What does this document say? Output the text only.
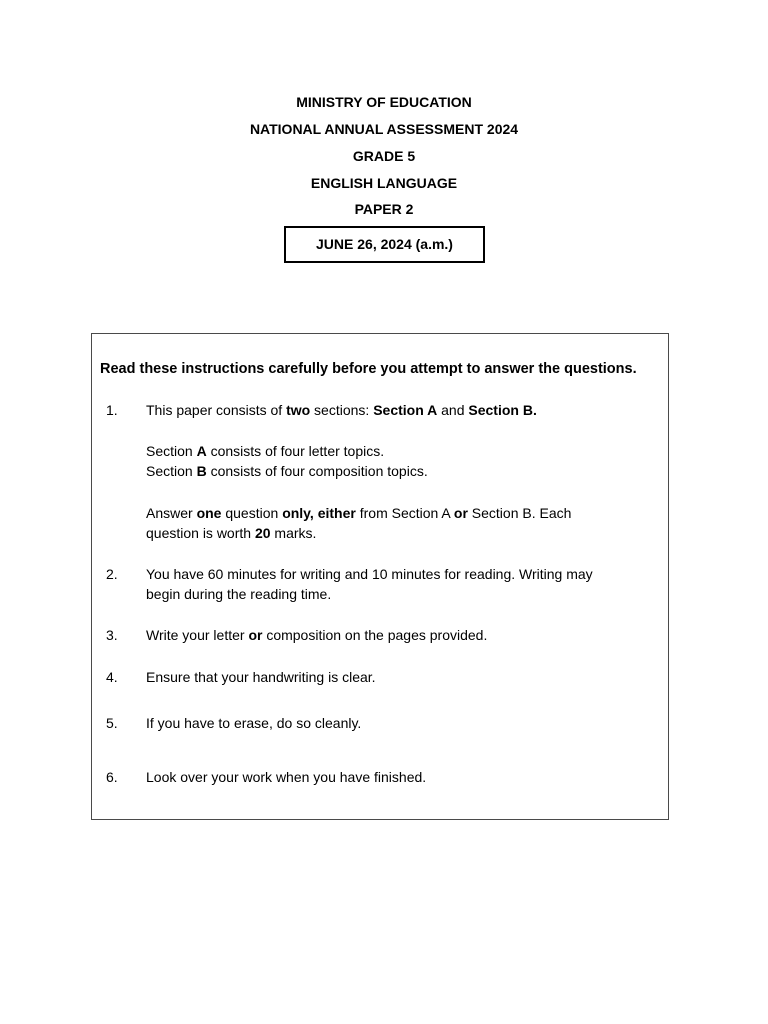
MINISTRY OF EDUCATION
NATIONAL ANNUAL ASSESSMENT 2024
GRADE 5
ENGLISH LANGUAGE
PAPER 2
JUNE 26, 2024 (a.m.)
Read these instructions carefully before you attempt to answer the questions.
1. This paper consists of two sections: Section A and Section B.
Section A consists of four letter topics.
Section B consists of four composition topics.
Answer one question only, either from Section A or Section B. Each
question is worth 20 marks.
2. You have 60 minutes for writing and 10 minutes for reading. Writing may
begin during the reading time.
3. Write your letter or composition on the pages provided.
4. Ensure that your handwriting is clear.
5. If you have to erase, do so cleanly.
6. Look over your work when you have finished.
